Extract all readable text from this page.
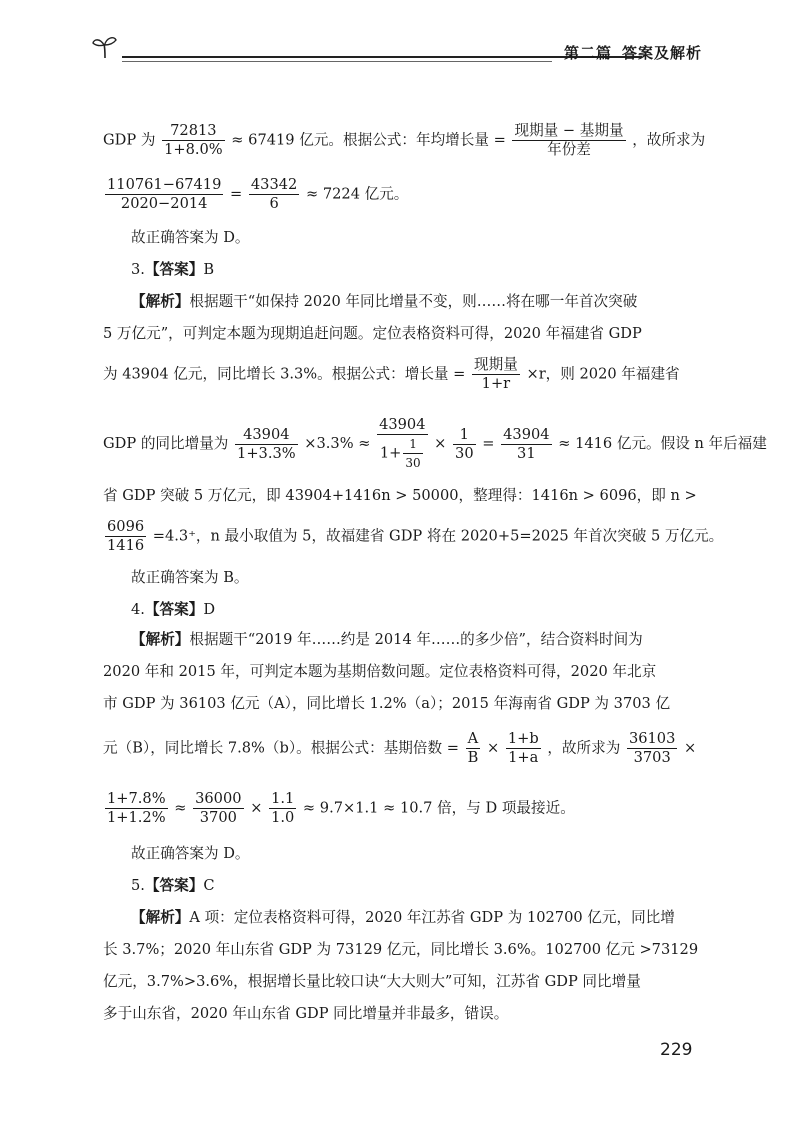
第二篇 答案及解析
GDP 为 $\frac{72813}{1+8.0\%} \approx 67419$ 亿元。根据公式：年均增长量 = $\frac{\text{现期量 − 基期量}}{\text{年份差}}$ ，故所求为
$\frac{110761-67419}{2020-2014} = \frac{43342}{6} \approx 7224$ 亿元。
故正确答案为 D。
3.【答案】B
【解析】根据题干“如保持 2020 年同比增量不变，则……将在哪一年首次突破
5 万亿元”，可判定本题为现期追赶问题。定位表格资料可得，2020 年福建省 GDP
为 43904 亿元，同比增长 3.3%。根据公式：增长量 = $\frac{\text{现期量}}{1+r} \times r$，则 2020 年福建省
GDP 的同比增量为 $\frac{43904}{1+3.3\%} \times 3.3\% \approx \frac{43904}{1+ \frac{1}{30}} \times \frac{1}{30} = \frac{43904}{31} \approx 1416$ 亿元。假设 n 年后福建
省 GDP 突破 5 万亿元，即 43904+1416n > 50000，整理得：1416n > 6096，即 n >
$\frac{6096}{1416} =4.3^+$，n 最小取值为 5，故福建省 GDP 将在 2020+5=2025 年首次突破 5 万亿元。
故正确答案为 B。
4.【答案】D
【解析】根据题干“2019 年……约是 2014 年……的多少倍”，结合资料时间为
2020 年和 2015 年，可判定本题为基期倍数问题。定位表格资料可得，2020 年北京
市 GDP 为 36103 亿元（A），同比增长 1.2%（a）；2015 年海南省 GDP 为 3703 亿
元（B），同比增长 7.8%（b）。根据公式：基期倍数 = $\frac{A}{B} \times \frac{1+b}{1+a}$ ，故所求为 $\frac{36103}{3703}$ ×
$\frac{1+7.8\%}{1+1.2\%} \approx \frac{36000}{3700} \times \frac{1.1}{1.0} \approx 9.7\times 1.1 \approx 10.7$ 倍，与 D 项最接近。
故正确答案为 D。
5.【答案】C
【解析】A 项：定位表格资料可得，2020 年江苏省 GDP 为 102700 亿元，同比增
长 3.7%；2020 年山东省 GDP 为 73129 亿元，同比增长 3.6%。102700 亿元 >73129
亿元，3.7%>3.6%，根据增长量比较口诀“大大则大”可知，江苏省 GDP 同比增量
多于山东省，2020 年山东省 GDP 同比增量并非最多，错误。
229
